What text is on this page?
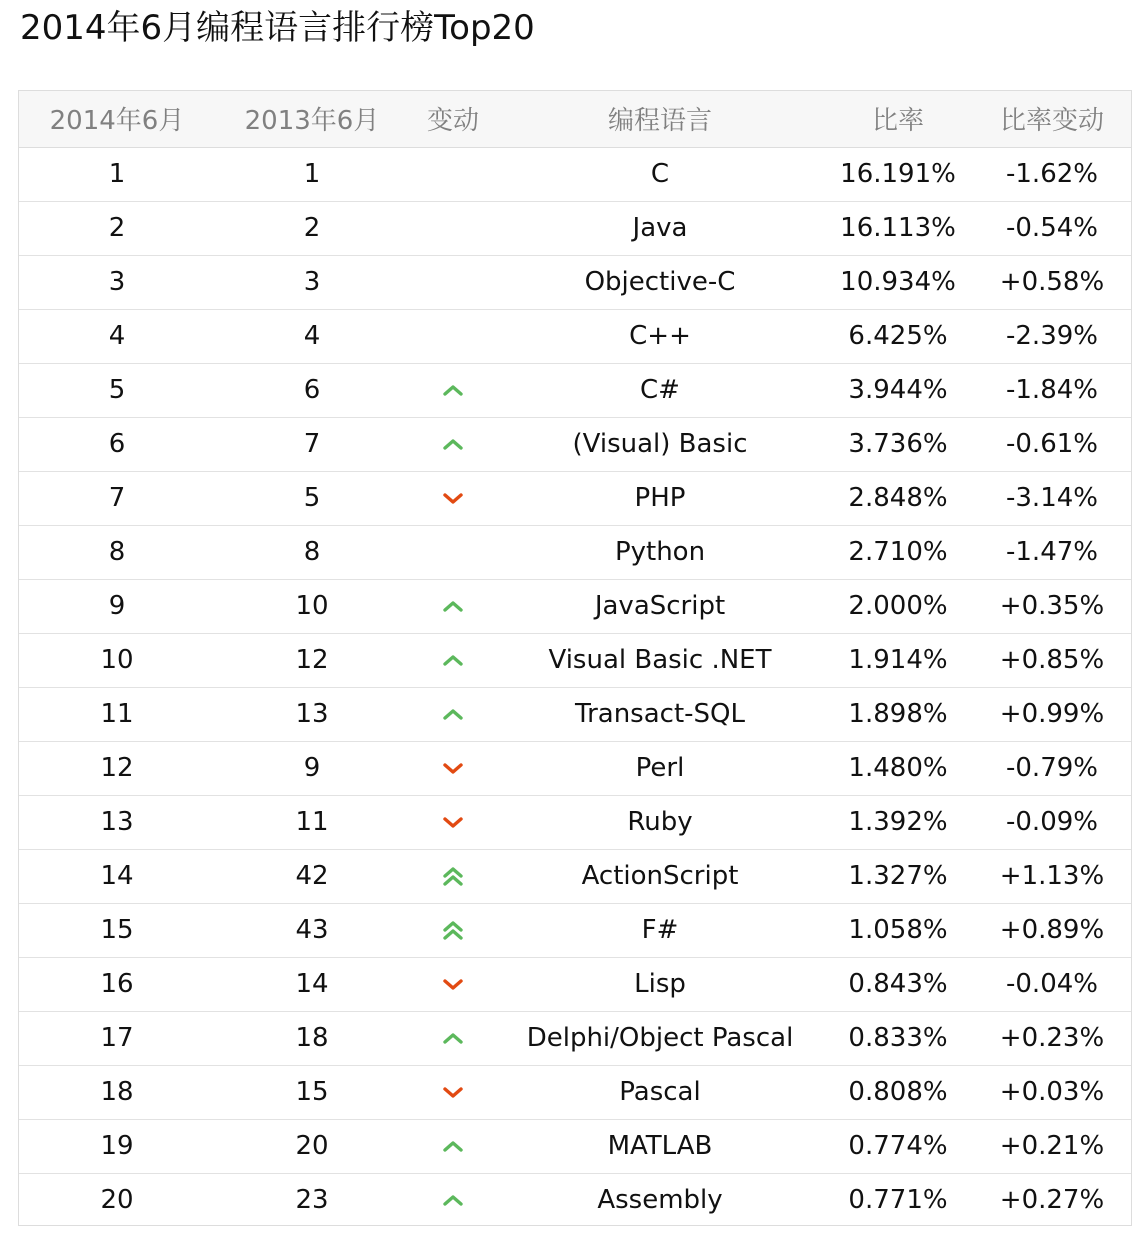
2014年6月编程语言排行榜Top20
2014年6月	2013年6月	变动	编程语言	比率	比率变动
1	1		C	16.191%	-1.62%
2	2		Java	16.113%	-0.54%
3	3		Objective-C	10.934%	+0.58%
4	4		C++	6.425%	-2.39%
5	6		C#	3.944%	-1.84%
6	7		(Visual) Basic	3.736%	-0.61%
7	5		PHP	2.848%	-3.14%
8	8		Python	2.710%	-1.47%
9	10		JavaScript	2.000%	+0.35%
10	12		Visual Basic .NET	1.914%	+0.85%
11	13		Transact-SQL	1.898%	+0.99%
12	9		Perl	1.480%	-0.79%
13	11		Ruby	1.392%	-0.09%
14	42		ActionScript	1.327%	+1.13%
15	43		F#	1.058%	+0.89%
16	14		Lisp	0.843%	-0.04%
17	18		Delphi/Object Pascal	0.833%	+0.23%
18	15		Pascal	0.808%	+0.03%
19	20		MATLAB	0.774%	+0.21%
20	23		Assembly	0.771%	+0.27%
